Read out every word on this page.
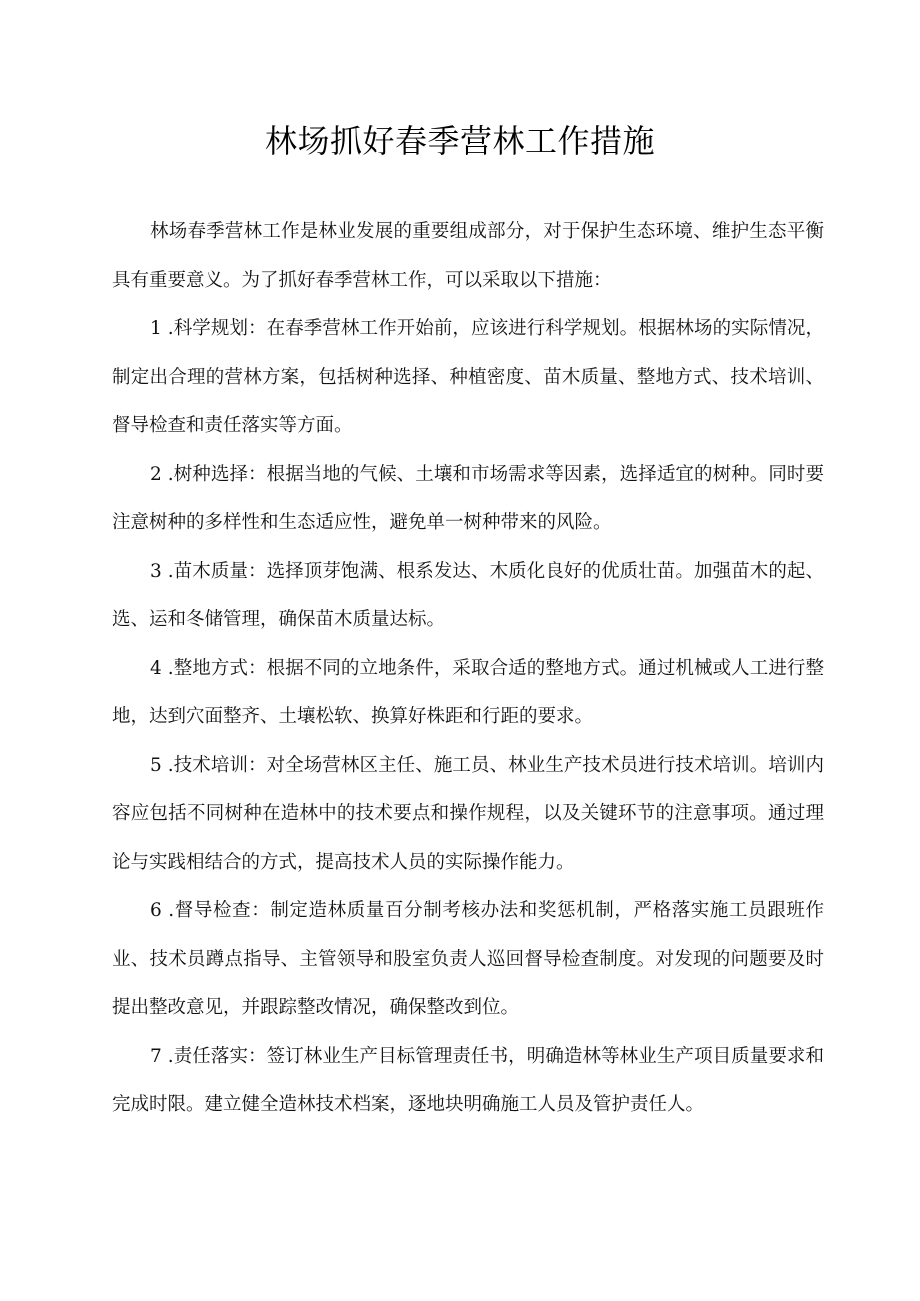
林场抓好春季营林工作措施

林场春季营林工作是林业发展的重要组成部分，对于保护生态环境、维护生态平衡具有重要意义。为了抓好春季营林工作，可以采取以下措施：

1 .科学规划：在春季营林工作开始前，应该进行科学规划。根据林场的实际情况，制定出合理的营林方案，包括树种选择、种植密度、苗木质量、整地方式、技术培训、督导检查和责任落实等方面。

2 .树种选择：根据当地的气候、土壤和市场需求等因素，选择适宜的树种。同时要注意树种的多样性和生态适应性，避免单一树种带来的风险。

3 .苗木质量：选择顶芽饱满、根系发达、木质化良好的优质壮苗。加强苗木的起、选、运和冬储管理，确保苗木质量达标。

4 .整地方式：根据不同的立地条件，采取合适的整地方式。通过机械或人工进行整地，达到穴面整齐、土壤松软、换算好株距和行距的要求。

5 .技术培训：对全场营林区主任、施工员、林业生产技术员进行技术培训。培训内容应包括不同树种在造林中的技术要点和操作规程，以及关键环节的注意事项。通过理论与实践相结合的方式，提高技术人员的实际操作能力。

6 .督导检查：制定造林质量百分制考核办法和奖惩机制，严格落实施工员跟班作业、技术员蹲点指导、主管领导和股室负责人巡回督导检查制度。对发现的问题要及时提出整改意见，并跟踪整改情况，确保整改到位。

7 .责任落实：签订林业生产目标管理责任书，明确造林等林业生产项目质量要求和完成时限。建立健全造林技术档案，逐地块明确施工人员及管护责任人。
